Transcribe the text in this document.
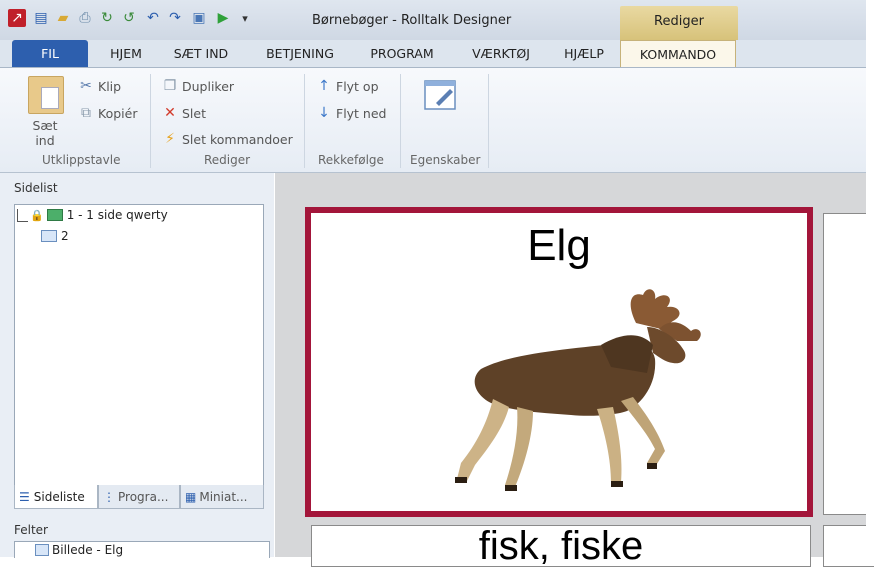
↗ ▤ ▰ ⎙ ↻ ↺ ↶ ↷ ▣ ▶	▾	Børnebøger - Rolltalk Designer	Rediger
FIL	HJEM	SÆT IND	BETJENING	PROGRAM	VÆRKTØJ	HJÆLP	KOMMANDO
Sæt ind
✂ Klip
⧉ Kopiér
Utklippstavle
❐ Dupliker
✕ Slet
⚡ Slet kommandoer
Rediger
↑ Flyt op
↓ Flyt ned
Rekkefølge Egenskaber
Sidelist
🔒 1 - 1 side qwerty
2
☰ Sideliste ⋮ Progra... ▦ Miniat...
Felter
Billede - Elg
Elg
fisk, fiske
